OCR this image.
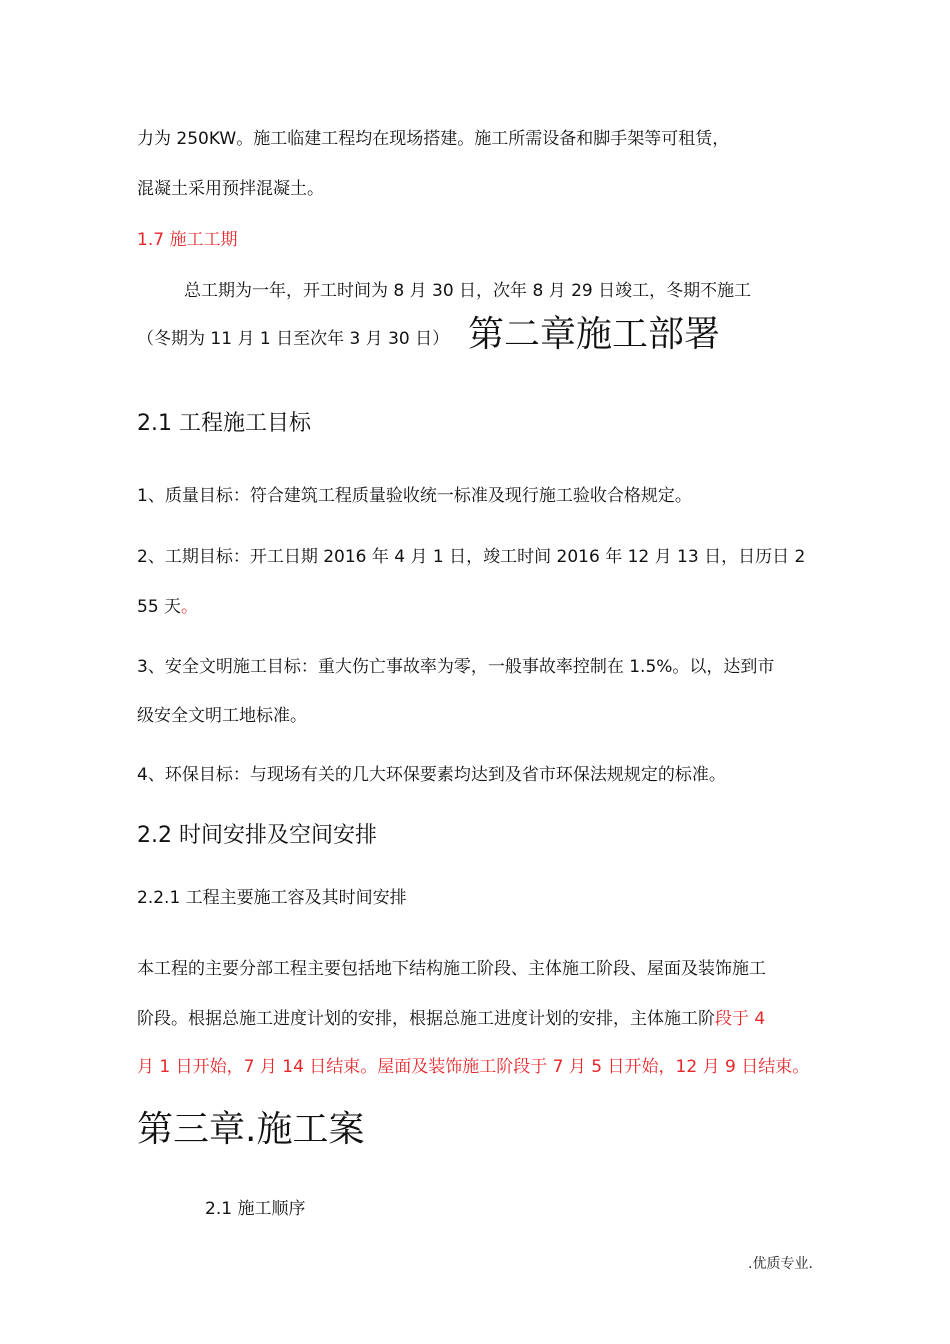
力为 250KW。施工临建工程均在现场搭建。施工所需设备和脚手架等可租赁，
混凝土采用预拌混凝土。
1.7 施工工期
总工期为一年，开工时间为 8 月 30 日，次年 8 月 29 日竣工，冬期不施工
（冬期为 11 月 1 日至次年 3 月 30 日） 第二章施工部署
2.1 工程施工目标
1、质量目标：符合建筑工程质量验收统一标准及现行施工验收合格规定。
2、工期目标：开工日期 2016 年 4 月 1 日，竣工时间 2016 年 12 月 13 日，日历日 2
55 天。
3、安全文明施工目标：重大伤亡事故率为零，一般事故率控制在 1.5%。以，达到市
级安全文明工地标准。
4、环保目标：与现场有关的几大环保要素均达到及省市环保法规规定的标准。
2.2 时间安排及空间安排
2.2.1 工程主要施工容及其时间安排
本工程的主要分部工程主要包括地下结构施工阶段、主体施工阶段、屋面及装饰施工
阶段。根据总施工进度计划的安排，根据总施工进度计划的安排，主体施工阶段于 4
月 1 日开始，7 月 14 日结束。屋面及装饰施工阶段于 7 月 5 日开始，12 月 9 日结束。
第三章.施工案
2.1 施工顺序
.优质专业.
